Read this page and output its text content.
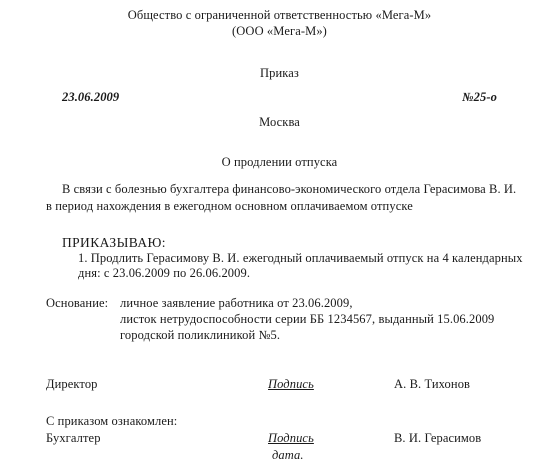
Общество с ограниченной ответственностью «Мега-М»
(ООО «Мега-М»)
Приказ
23.06.2009	№25-о
Москва
О продлении отпуска
В связи с болезнью бухгалтера финансово-экономического отдела Герасимова В. И.
в период нахождения в ежегодном основном оплачиваемом отпуске
ПРИКАЗЫВАЮ:
1. Продлить Герасимову В. И. ежегодный оплачиваемый отпуск на 4 календарных
дня: с 23.06.2009 по 26.06.2009.
Основание: личное заявление работника от 23.06.2009,
листок нетрудоспособности серии ББ 1234567, выданный 15.06.2009
городской поликлиникой №5.
Директор	Подпись	А. В. Тихонов
С приказом ознакомлен:
Бухгалтер	Подпись	В. И. Герасимов
дата.
